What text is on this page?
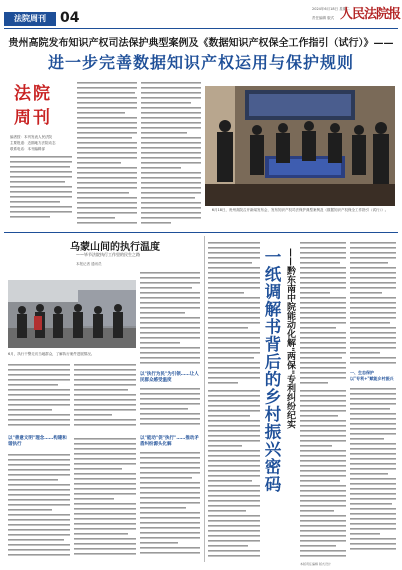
法院周刊	04
2024年6月18日 星期二
人民法院报
责任编辑 版式
贵州高院发布知识产权司法保护典型案例及《数据知识产权保全工作指引（试行）》——
进一步完善数据知识产权运用与保护规则
法院
周刊
编者按：本刊发表人民法院
主要报道：近期地方法院动态
联系电话：本刊编辑部
6月18日，贵州高院召开新闻发布会，发布知识产权司法保护典型案例及《数据知识产权保全工作指引（试行）》。
乌蒙山间的执行温度
——毕节法院执行工作里的民生之路
本报记者 通讯员
6月，执行干警走访当地群众，了解执行案件进展情况。
以"执行为民"为引领……让人民群众感受温度
以"善意文明"理念……构建和谐执行
以"能动"促"执行"……推动矛盾纠纷源头化解	一纸调解书背后的乡村振兴密码 ——黔东南中院能动化解"两保"专利纠纷纪实	一、生态保护
以"专利+"赋能乡村振兴
本版责任编辑 版式设计
